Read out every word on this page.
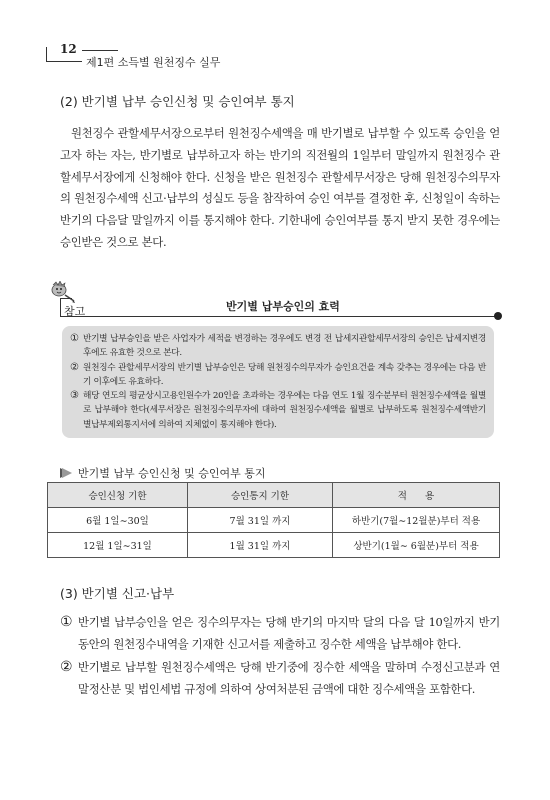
12
제1편 소득별 원천징수 실무
(2) 반기별 납부 승인신청 및 승인여부 통지

원천징수 관할세무서장으로부터 원천징수세액을 매 반기별로 납부할 수 있도록 승인을 얻고자 하는 자는, 반기별로 납부하고자 하는 반기의 직전월의 1일부터 말일까지 원천징수 관할세무서장에게 신청해야 한다. 신청을 받은 원천징수 관할세무서장은 당해 원천징수의무자의 원천징수세액 신고·납부의 성실도 등을 참작하여 승인 여부를 결정한 후, 신청일이 속하는 반기의 다음달 말일까지 이를 통지해야 한다. 기한내에 승인여부를 통지 받지 못한 경우에는 승인받은 것으로 본다.

참고	반기별 납부승인의 효력
① 반기별 납부승인을 받은 사업자가 세적을 변경하는 경우에도 변경 전 납세지관할세무서장의 승인은 납세지변경 후에도 유효한 것으로 본다.
② 원천징수 관할세무서장의 반기별 납부승인은 당해 원천징수의무자가 승인요건을 계속 갖추는 경우에는 다음 반기 이후에도 유효하다.
③ 해당 연도의 평균상시고용인원수가 20인을 초과하는 경우에는 다음 연도 1월 징수분부터 원천징수세액을 월별로 납부해야 한다(세무서장은 원천징수의무자에 대하여 원천징수세액을 월별로 납부하도록 원천징수세액반기별납부제외통지서에 의하여 지체없이 통지해야 한다).
반기별 납부 승인신청 및 승인여부 통지
승인신청 기한	승인통지 기한	적      용
6월 1일∼30일	7월 31일 까지	하반기(7월∼12월분)부터 적용
12월 1일∼31일	1월 31일 까지	상반기(1월∼ 6월분)부터 적용
(3) 반기별 신고·납부
① 반기별 납부승인을 얻은 징수의무자는 당해 반기의 마지막 달의 다음 달 10일까지 반기 동안의 원천징수내역을 기재한 신고서를 제출하고 징수한 세액을 납부해야 한다.
② 반기별로 납부할 원천징수세액은 당해 반기중에 징수한 세액을 말하며 수정신고분과 연말정산분 및 법인세법 규정에 의하여 상여처분된 금액에 대한 징수세액을 포함한다.
